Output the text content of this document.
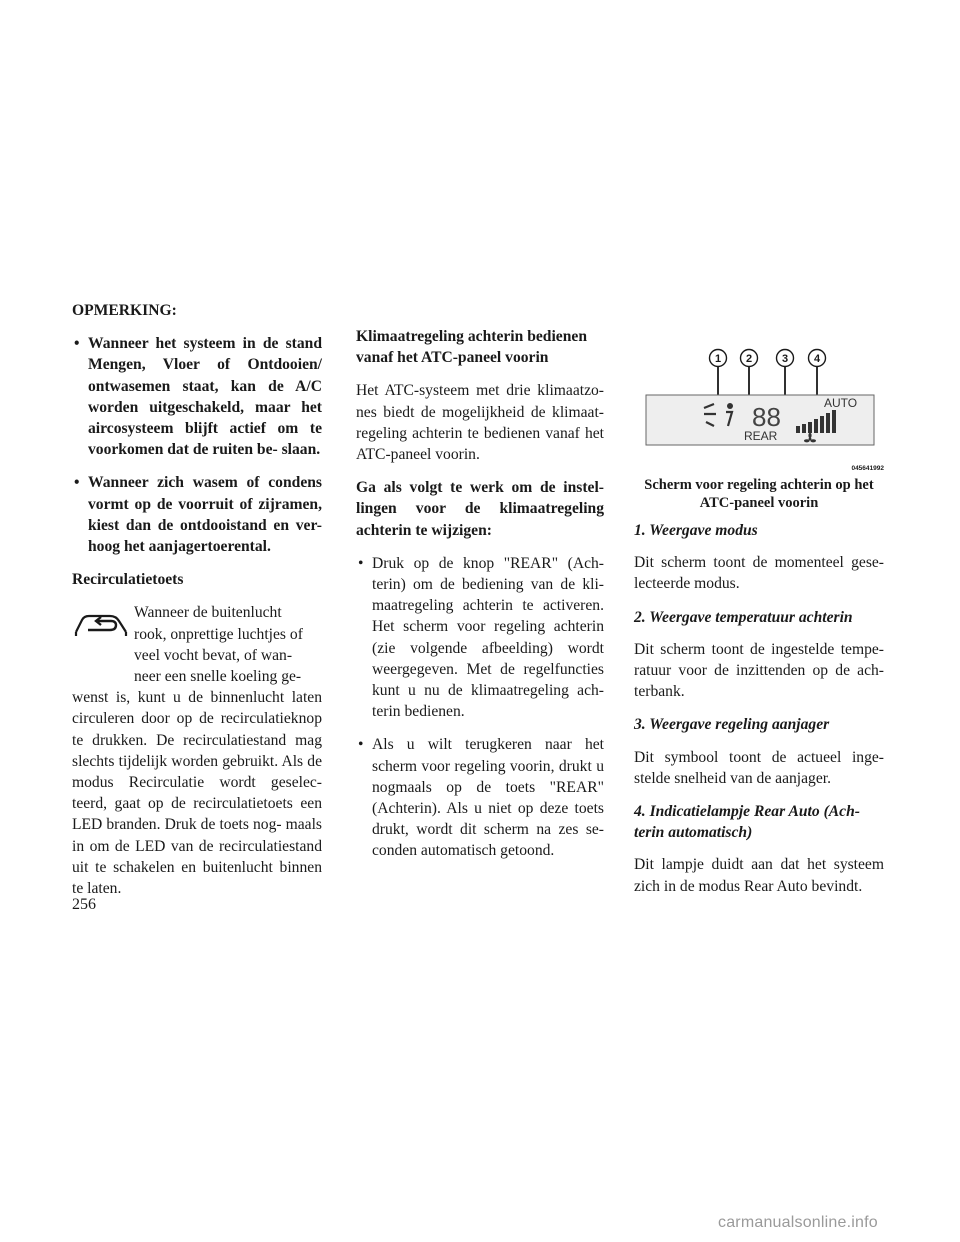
OPMERKING:
• Wanneer het systeem in de stand Mengen, Vloer of Ontdooien/ ontwasemen staat, kan de A/C worden uitgeschakeld, maar het aircosysteem blijft actief om te voorkomen dat de ruiten be- slaan.
• Wanneer zich wasem of condens vormt op de voorruit of zijramen, kiest dan de ontdooistand en ver- hoog het aanjagertoerental.
Recirculatietoets
Wanneer de buitenlucht
rook, onprettige luchtjes of
veel vocht bevat, of wan-
neer een snelle koeling ge-
wenst is, kunt u de binnenlucht laten circuleren door op de recirculatieknop te drukken. De recirculatiestand mag slechts tijdelijk worden gebruikt. Als de modus Recirculatie wordt geselec- teerd, gaat op de recirculatietoets een LED branden. Druk de toets nog- maals in om de LED van de recirculatiestand uit te schakelen en buitenlucht binnen te laten.
Klimaatregeling achterin bedienen vanaf het ATC-paneel voorin

Het ATC-systeem met drie klimaatzo- nes biedt de mogelijkheid de klimaat- regeling achterin te bedienen vanaf het ATC-paneel voorin.

Ga als volgt te werk om de instel- lingen voor de klimaatregeling achterin te wijzigen:
• Druk op de knop "REAR" (Ach- terin) om de bediening van de kli- maatregeling achterin te activeren. Het scherm voor regeling achterin (zie volgende afbeelding) wordt weergegeven. Met de regelfuncties kunt u nu de klimaatregeling ach- terin bedienen.
• Als u wilt terugkeren naar het scherm voor regeling voorin, drukt u nogmaals op de toets "REAR" (Achterin). Als u niet op deze toets drukt, wordt dit scherm na zes se- conden automatisch getoond.
1 2	3 4
88
REAR
AUTO
045641992

Scherm voor regeling achterin op het ATC-paneel voorin

1. Weergave modus

Dit scherm toont de momenteel gese- lecteerde modus.

2. Weergave temperatuur achterin

Dit scherm toont de ingestelde tempe- ratuur voor de inzittenden op de ach- terbank.

3. Weergave regeling aanjager

Dit symbool toont de actueel inge- stelde snelheid van de aanjager.

4. Indicatielampje Rear Auto (Ach- terin automatisch)

Dit lampje duidt aan dat het systeem zich in de modus Rear Auto bevindt.

256
carmanualsonline.info
